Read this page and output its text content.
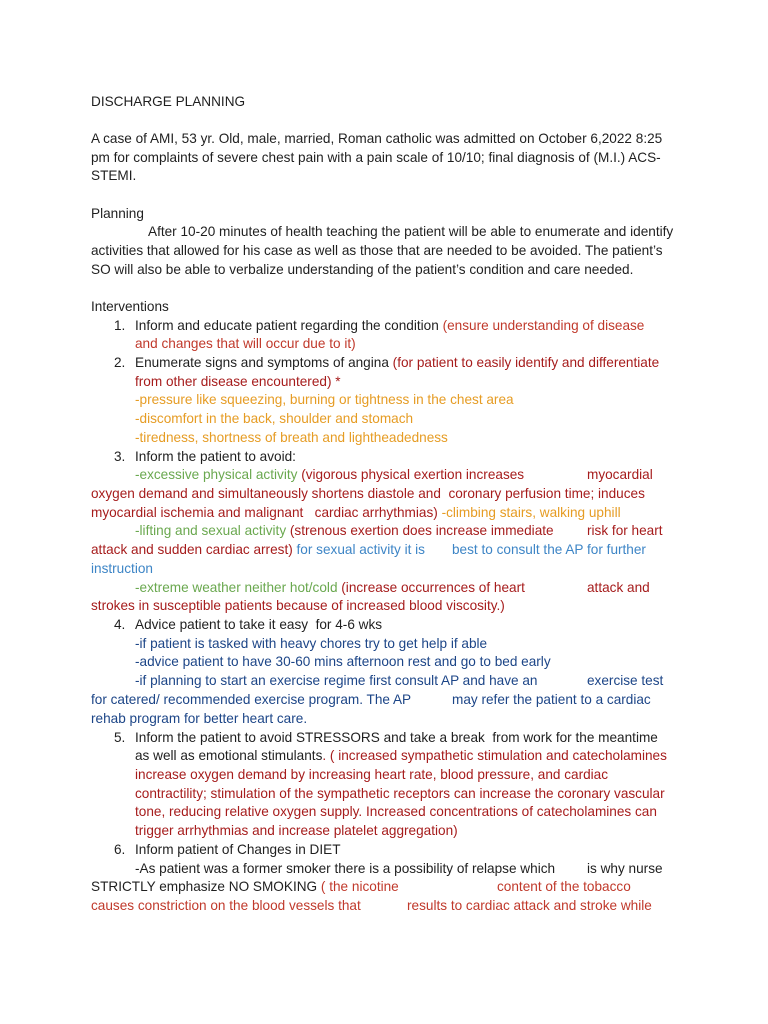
DISCHARGE PLANNING
A case of AMI, 53 yr. Old, male, married, Roman catholic was admitted on October 6,2022 8:25
pm for complaints of severe chest pain with a pain scale of 10/10; final diagnosis of (M.I.) ACS-
STEMI.
Planning
After 10-20 minutes of health teaching the patient will be able to enumerate and identify
activities that allowed for his case as well as those that are needed to be avoided. The patient’s
SO will also be able to verbalize understanding of the patient’s condition and care needed.
Interventions
1. Inform and educate patient regarding the condition (ensure understanding of disease
and changes that will occur due to it)
2. Enumerate signs and symptoms of angina (for patient to easily identify and differentiate
from other disease encountered) *
-pressure like squeezing, burning or tightness in the chest area
-discomfort in the back, shoulder and stomach
-tiredness, shortness of breath and lightheadedness
3. Inform the patient to avoid:
-excessive physical activity (vigorous physical exertion increases	myocardial
oxygen demand and simultaneously shortens diastole and  coronary perfusion time; induces
myocardial ischemia and malignant   cardiac arrhythmias) -climbing stairs, walking uphill
-lifting and sexual activity (strenous exertion does increase immediate risk for heart
attack and sudden cardiac arrest) for sexual activity it is best to consult the AP for further
instruction
-extreme weather neither hot/cold (increase occurrences of heart	attack and
strokes in susceptible patients because of increased blood viscosity.)
4. Advice patient to take it easy  for 4-6 wks
-if patient is tasked with heavy chores try to get help if able
-advice patient to have 30-60 mins afternoon rest and go to bed early
-if planning to start an exercise regime first consult AP and have an	exercise test
for catered/ recommended exercise program. The AP	may refer the patient to a cardiac
rehab program for better heart care.
5. Inform the patient to avoid STRESSORS and take a break  from work for the meantime
as well as emotional stimulants. ( increased sympathetic stimulation and catecholamines
increase oxygen demand by increasing heart rate, blood pressure, and cardiac
contractility; stimulation of the sympathetic receptors can increase the coronary vascular
tone, reducing relative oxygen supply. Increased concentrations of catecholamines can
trigger arrhythmias and increase platelet aggregation)
6. Inform patient of Changes in DIET
-As patient was a former smoker there is a possibility of relapse which is why nurse
STRICTLY emphasize NO SMOKING ( the nicotine	content of the tobacco
causes constriction on the blood vessels that	results to cardiac attack and stroke while
